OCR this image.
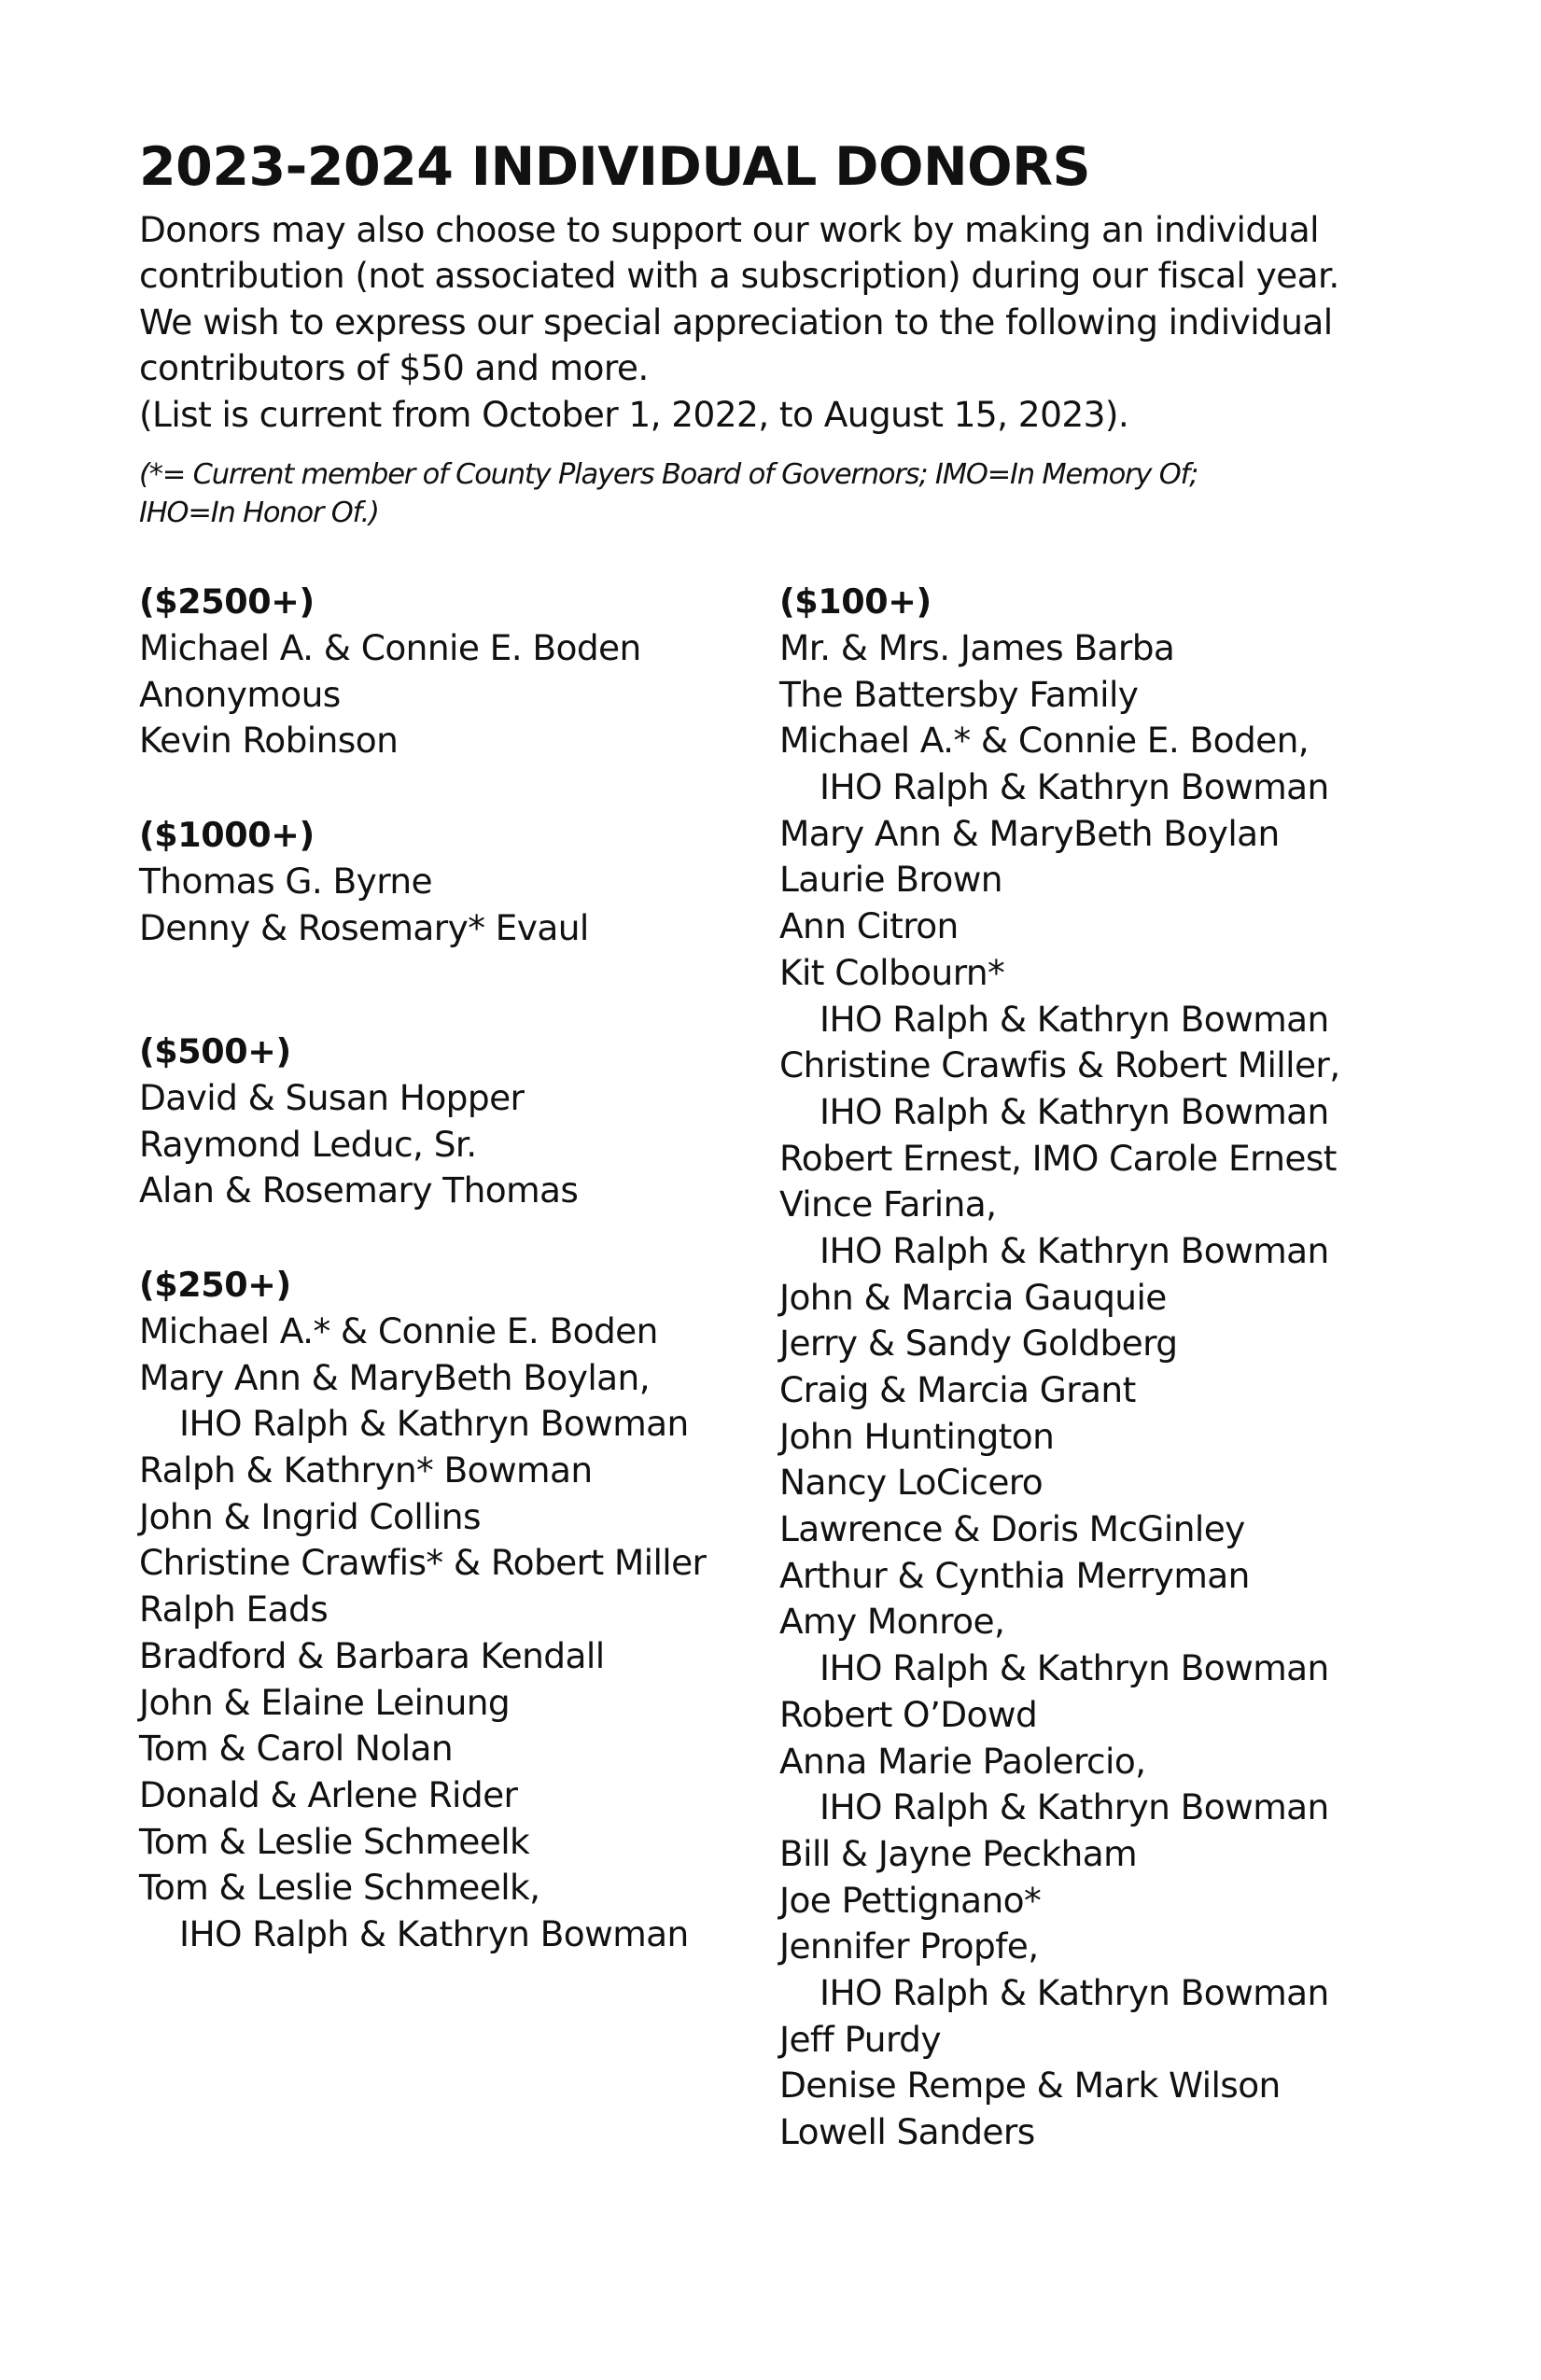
2023-2024 INDIVIDUAL DONORS
Donors may also choose to support our work by making an individual
contribution (not associated with a subscription) during our fiscal year.
We wish to express our special appreciation to the following individual
contributors of $50 and more.
(List is current from October 1, 2022, to August 15, 2023).
(*= Current member of County Players Board of Governors; IMO=In Memory Of;
IHO=In Honor Of.)
($2500+)
Michael A. & Connie E. Boden
Anonymous
Kevin Robinson
($1000+)
Thomas G. Byrne
Denny & Rosemary* Evaul
($500+)
David & Susan Hopper
Raymond Leduc, Sr.
Alan & Rosemary Thomas
($250+)
Michael A.* & Connie E. Boden
Mary Ann & MaryBeth Boylan,
IHO Ralph & Kathryn Bowman
Ralph & Kathryn* Bowman
John & Ingrid Collins
Christine Crawfis* & Robert Miller
Ralph Eads
Bradford & Barbara Kendall
John & Elaine Leinung
Tom & Carol Nolan
Donald & Arlene Rider
Tom & Leslie Schmeelk
Tom & Leslie Schmeelk,
IHO Ralph & Kathryn Bowman
($100+)
Mr. & Mrs. James Barba
The Battersby Family
Michael A.* & Connie E. Boden,
IHO Ralph & Kathryn Bowman
Mary Ann & MaryBeth Boylan
Laurie Brown
Ann Citron
Kit Colbourn*
IHO Ralph & Kathryn Bowman
Christine Crawfis & Robert Miller,
IHO Ralph & Kathryn Bowman
Robert Ernest, IMO Carole Ernest
Vince Farina,
IHO Ralph & Kathryn Bowman
John & Marcia Gauquie
Jerry & Sandy Goldberg
Craig & Marcia Grant
John Huntington
Nancy LoCicero
Lawrence & Doris McGinley
Arthur & Cynthia Merryman
Amy Monroe,
IHO Ralph & Kathryn Bowman
Robert O’Dowd
Anna Marie Paolercio,
IHO Ralph & Kathryn Bowman
Bill & Jayne Peckham
Joe Pettignano*
Jennifer Propfe,
IHO Ralph & Kathryn Bowman
Jeff Purdy
Denise Rempe & Mark Wilson
Lowell Sanders
